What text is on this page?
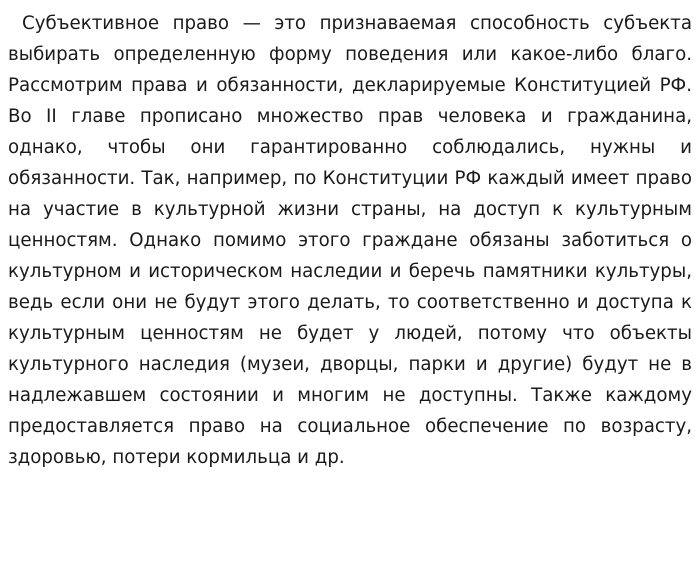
Субъективное право — это признаваемая способность субъекта выбирать определенную форму поведения или какое-либо благо. Рассмотрим права и обязанности, декларируемые Конституцией РФ. Во II главе прописано множество прав человека и гражданина, однако, чтобы они гарантированно соблюдались, нужны и обязанности. Так, например, по Конституции РФ каждый имеет право на участие в культурной жизни страны, на доступ к культурным ценностям. Однако помимо этого граждане обязаны заботиться о культурном и историческом наследии и беречь памятники культуры, ведь если они не будут этого делать, то соответственно и доступа к культурным ценностям не будет у людей, потому что объекты культурного наследия (музеи, дворцы, парки и другие) будут не в надлежавшем состоянии и многим не доступны. Также каждому предоставляется право на социальное обеспечение по возрасту, здоровью, потери кормильца и др.
